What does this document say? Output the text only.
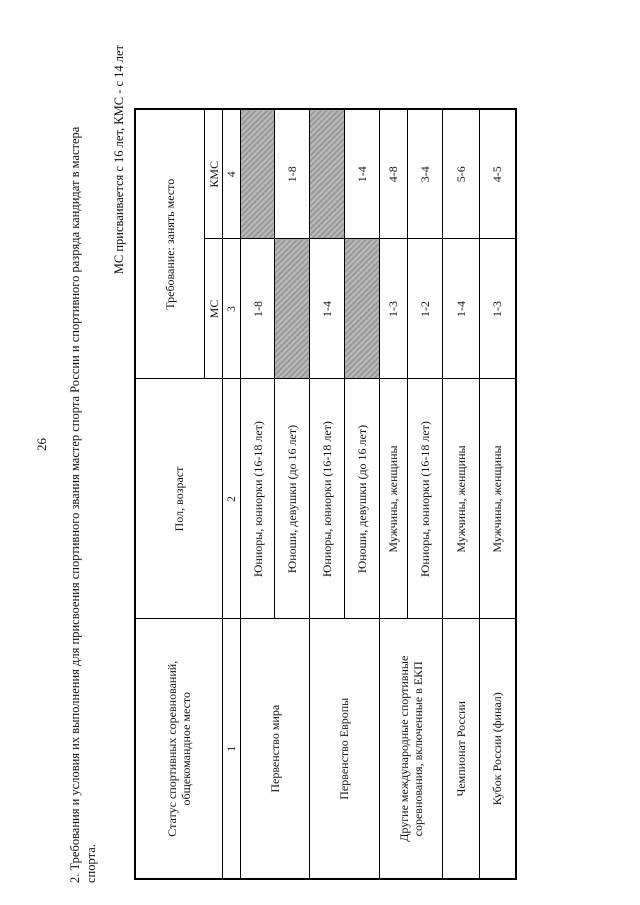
26 2. Требования и условия их выполнения для присвоения спортивного звания мастер спорта России и спортивного разряда кандидат в мастера спорта.
МС присваивается с 16 лет, КМС - с 14 лет
Статус спортивных соревнований, общекомандное место	Пол, возраст	Требование: занять место	
		МС	КМС
1	2	3	4
Первенство мира	Юниоры, юниорки (16-18 лет)	1-8	
	Юноши, девушки (до 16 лет)		1-8
Первенство Европы	Юниоры, юниорки (16-18 лет)	1-4	
	Юноши, девушки (до 16 лет)		1-4
Другие международные спортивные соревнования, включенные в ЕКП	Мужчины, женщины	1-3	4-8
	Юниоры, юниорки (16-18 лет)	1-2	3-4
Чемпионат России	Мужчины, женщины	1-4	5-6
Кубок России (финал)	Мужчины, женщины	1-3	4-5
